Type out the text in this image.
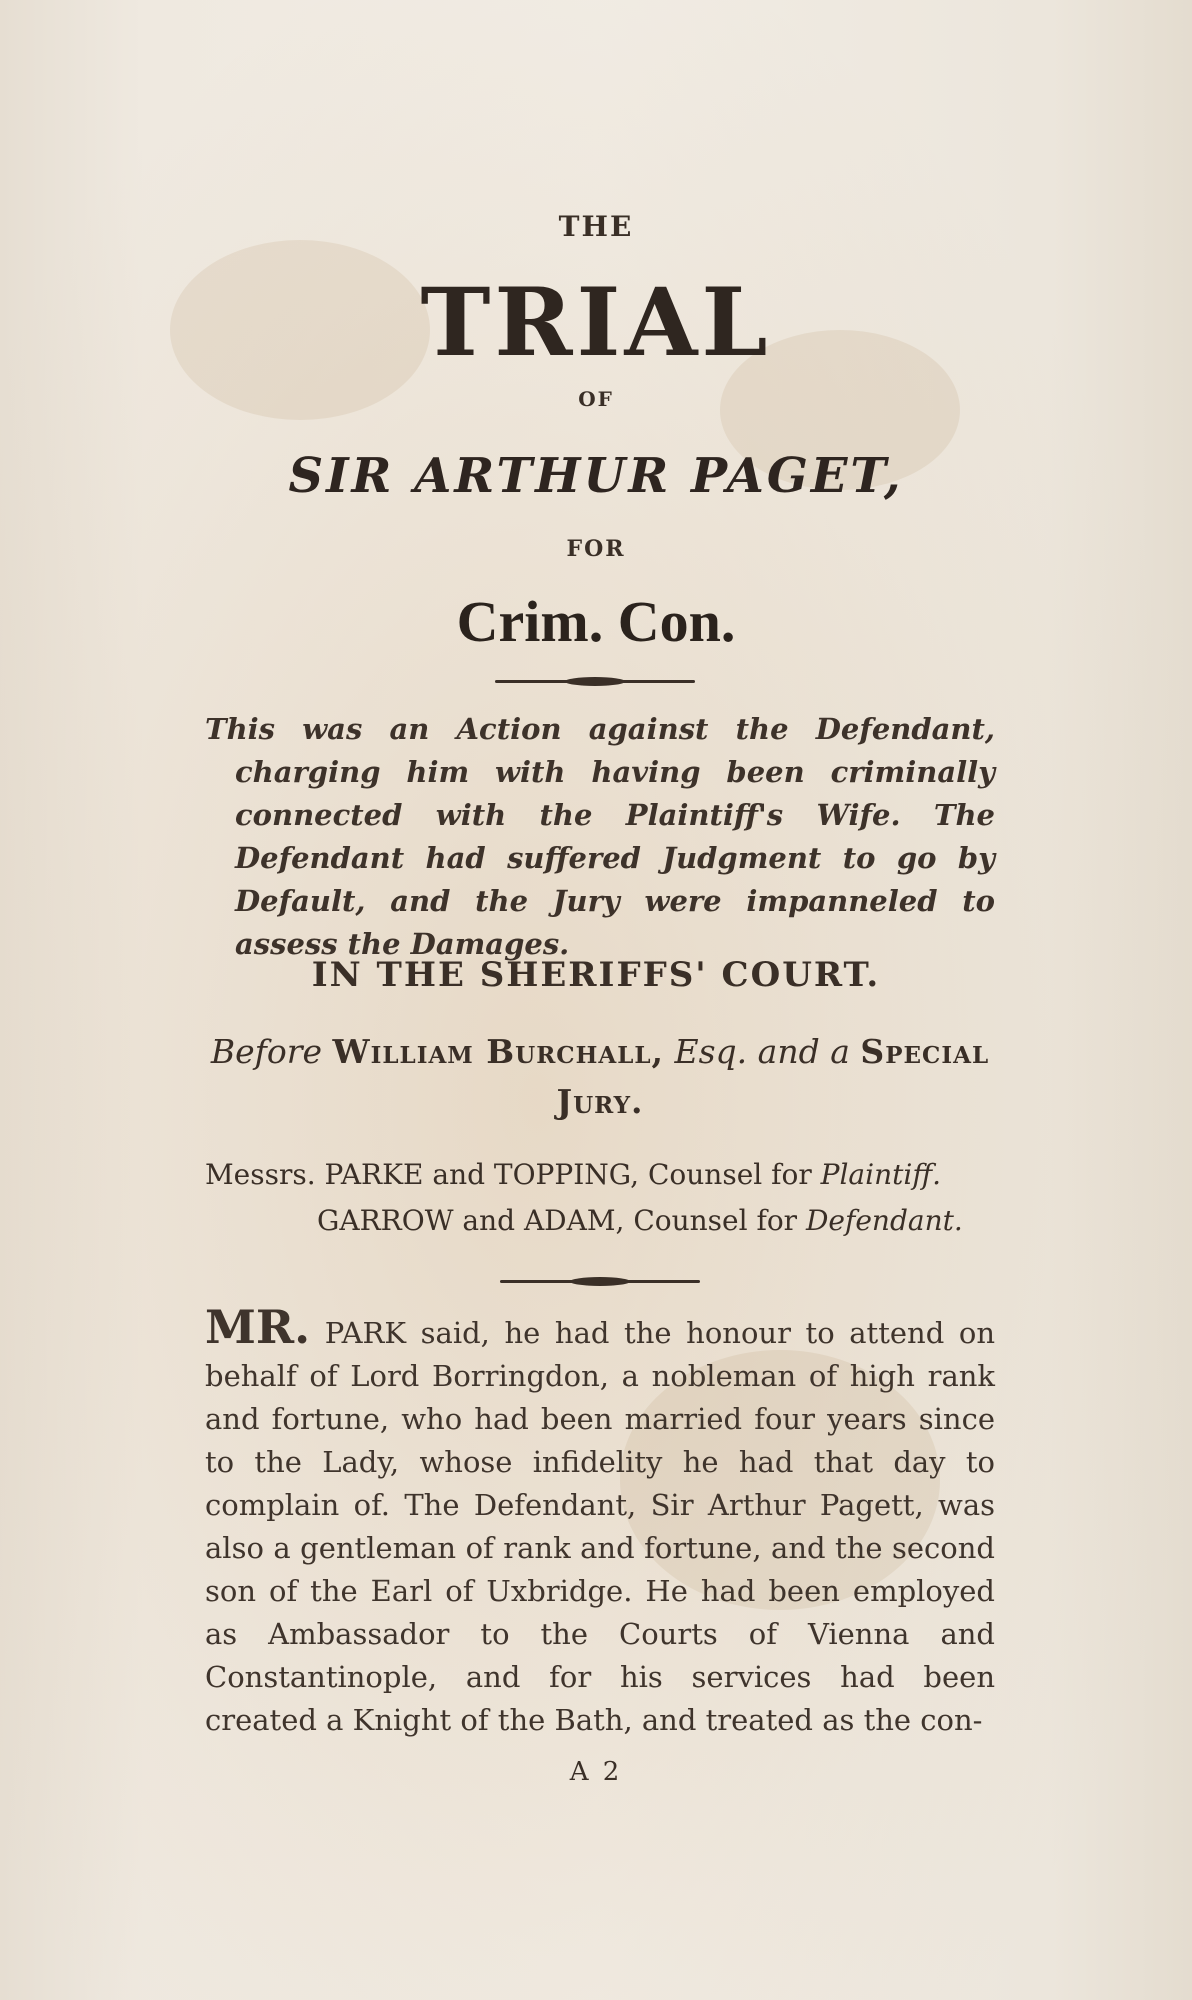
THE
TRIAL
OF
SIR ARTHUR PAGET,
FOR
Crim. Con.

This was an Action against the Defendant, charging him with having been criminally connected with the Plaintiff's Wife. The Defendant had suffered Judgment to go by Default, and the Jury were impanneled to assess the Damages.

IN THE SHERIFFS' COURT.
Before William Burchall, Esq. and a Special Jury.
Messrs. PARKE and TOPPING, Counsel for Plaintiff.
GARROW and ADAM, Counsel for Defendant.
MR. PARK said, he had the honour to attend on behalf of Lord Borringdon, a nobleman of high rank and fortune, who had been married four years since to the Lady, whose infidelity he had that day to complain of. The Defendant, Sir Arthur Pagett, was also a gentleman of rank and fortune, and the second son of the Earl of Uxbridge. He had been employed as Ambassador to the Courts of Vienna and Constantinople, and for his services had been created a Knight of the Bath, and treated as the con-
A 2
